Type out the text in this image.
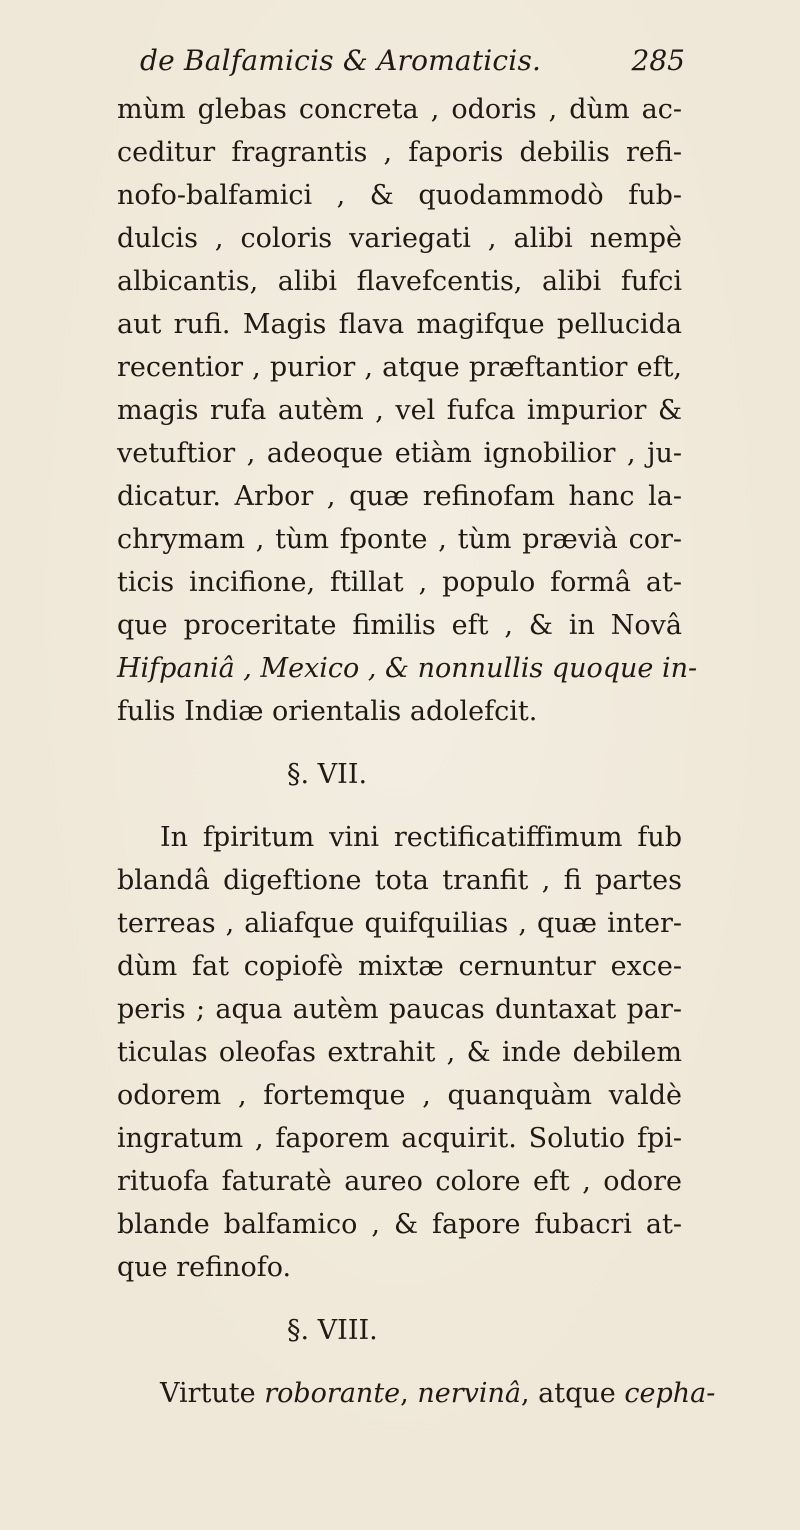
de Balfamicis & Aromaticis.	285
mùm glebas concreta , odoris , dùm ac-
ceditur fragrantis , faporis debilis refi-
nofo-balfamici , & quodammodò fub-
dulcis , coloris variegati , alibi nempè
albicantis, alibi flavefcentis, alibi fufci
aut rufi. Magis flava magifque pellucida
recentior , purior , atque præftantior eft,
magis rufa autèm , vel fufca impurior &
vetuftior , adeoque etiàm ignobilior , ju-
dicatur. Arbor , quæ refinofam hanc la-
chrymam , tùm fponte , tùm prævià cor-
ticis incifione, ftillat , populo formâ at-
que proceritate fimilis eft , & in Novâ
Hifpaniâ , Mexico , & nonnullis quoque in-
fulis Indiæ orientalis adolefcit.
§. VII.
In fpiritum vini rectificatiffimum fub
blandâ digeftione tota tranfit , fi partes
terreas , aliafque quifquilias , quæ inter-
dùm fat copiofè mixtæ cernuntur exce-
peris ; aqua autèm paucas duntaxat par-
ticulas oleofas extrahit , & inde debilem
odorem , fortemque , quanquàm valdè
ingratum , faporem acquirit. Solutio fpi-
rituofa faturatè aureo colore eft , odore
blande balfamico , & fapore fubacri at-
que refinofo.
§. VIII.
Virtute roborante, nervinâ, atque cepha-
